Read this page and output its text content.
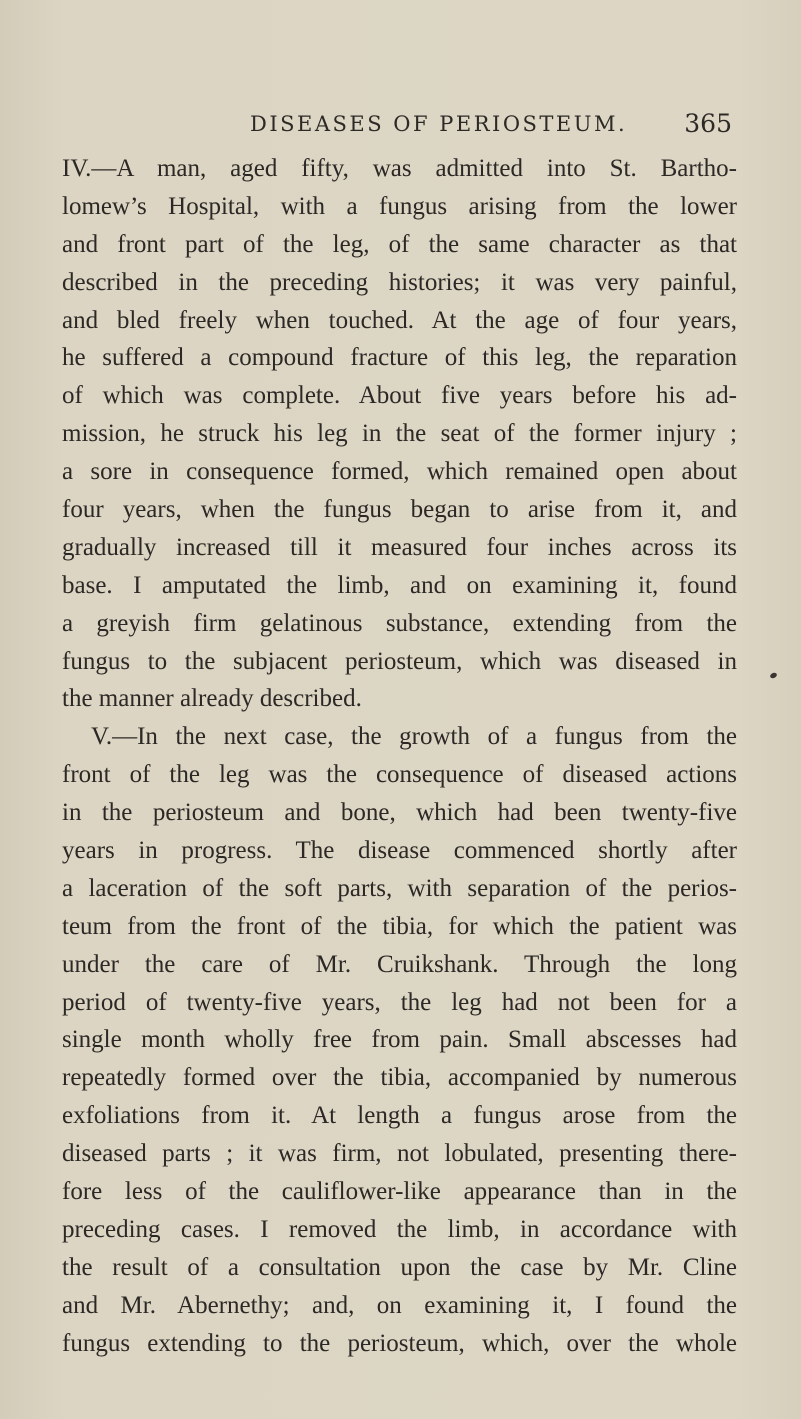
DISEASES OF PERIOSTEUM. 365
IV.—A man, aged fifty, was admitted into St. Bartho-
lomew’s Hospital, with a fungus arising from the lower
and front part of the leg, of the same character as that
described in the preceding histories; it was very painful,
and bled freely when touched. At the age of four years,
he suffered a compound fracture of this leg, the reparation
of which was complete. About five years before his ad-
mission, he struck his leg in the seat of the former injury ;
a sore in consequence formed, which remained open about
four years, when the fungus began to arise from it, and
gradually increased till it measured four inches across its
base. I amputated the limb, and on examining it, found
a greyish firm gelatinous substance, extending from the
fungus to the subjacent periosteum, which was diseased in
the manner already described.
V.—In the next case, the growth of a fungus from the
front of the leg was the consequence of diseased actions
in the periosteum and bone, which had been twenty-five
years in progress. The disease commenced shortly after
a laceration of the soft parts, with separation of the perios-
teum from the front of the tibia, for which the patient was
under the care of Mr. Cruikshank. Through the long
period of twenty-five years, the leg had not been for a
single month wholly free from pain. Small abscesses had
repeatedly formed over the tibia, accompanied by numerous
exfoliations from it. At length a fungus arose from the
diseased parts ; it was firm, not lobulated, presenting there-
fore less of the cauliflower-like appearance than in the
preceding cases. I removed the limb, in accordance with
the result of a consultation upon the case by Mr. Cline
and Mr. Abernethy; and, on examining it, I found the
fungus extending to the periosteum, which, over the whole
